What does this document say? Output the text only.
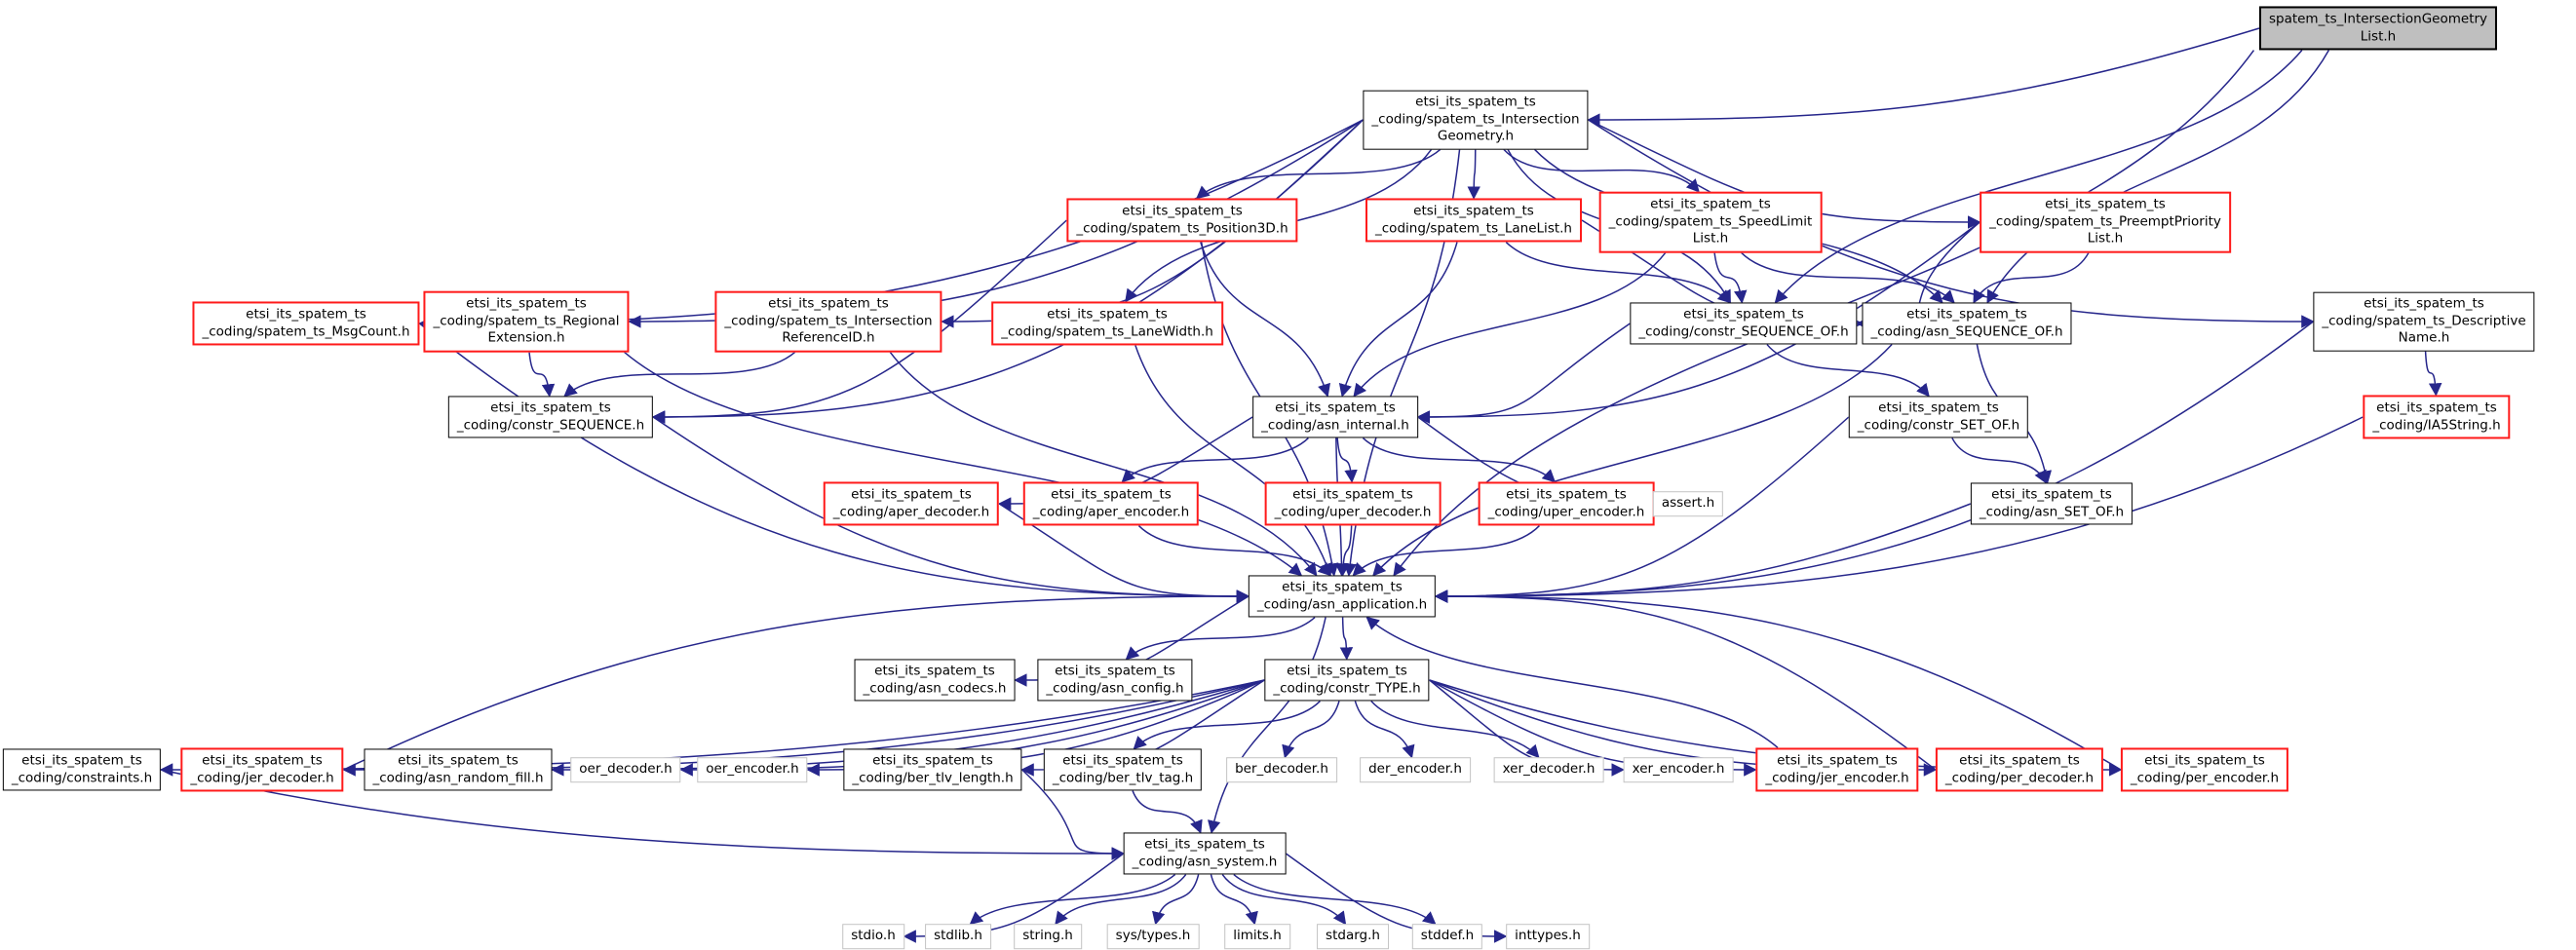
spatem_ts_IntersectionGeometry
List.h
etsi_its_spatem_ts
_coding/spatem_ts_Intersection
Geometry.h
etsi_its_spatem_ts
_coding/spatem_ts_Position3D.h
etsi_its_spatem_ts
_coding/spatem_ts_LaneList.h
etsi_its_spatem_ts
_coding/spatem_ts_SpeedLimit
List.h
etsi_its_spatem_ts
_coding/spatem_ts_PreemptPriority
List.h
etsi_its_spatem_ts
_coding/spatem_ts_MsgCount.h
etsi_its_spatem_ts
_coding/spatem_ts_Regional
Extension.h
etsi_its_spatem_ts
_coding/spatem_ts_Intersection
ReferenceID.h
etsi_its_spatem_ts
_coding/spatem_ts_LaneWidth.h
etsi_its_spatem_ts
_coding/constr_SEQUENCE_OF.h
etsi_its_spatem_ts
_coding/asn_SEQUENCE_OF.h
etsi_its_spatem_ts
_coding/spatem_ts_Descriptive
Name.h
etsi_its_spatem_ts
_coding/constr_SEQUENCE.h
etsi_its_spatem_ts
_coding/asn_internal.h
etsi_its_spatem_ts
_coding/constr_SET_OF.h
etsi_its_spatem_ts
_coding/IA5String.h
etsi_its_spatem_ts
_coding/aper_decoder.h
etsi_its_spatem_ts
_coding/aper_encoder.h
etsi_its_spatem_ts
_coding/uper_decoder.h
etsi_its_spatem_ts
_coding/uper_encoder.h
assert.h
etsi_its_spatem_ts
_coding/asn_SET_OF.h
etsi_its_spatem_ts
_coding/asn_application.h
etsi_its_spatem_ts
_coding/asn_codecs.h
etsi_its_spatem_ts
_coding/asn_config.h
etsi_its_spatem_ts
_coding/constr_TYPE.h
etsi_its_spatem_ts
_coding/constraints.h
etsi_its_spatem_ts
_coding/jer_decoder.h
etsi_its_spatem_ts
_coding/asn_random_fill.h
oer_decoder.h	oer_encoder.h
etsi_its_spatem_ts
_coding/ber_tlv_length.h
etsi_its_spatem_ts
_coding/ber_tlv_tag.h
ber_decoder.h	der_encoder.h	xer_decoder.h	xer_encoder.h
etsi_its_spatem_ts
_coding/jer_encoder.h
etsi_its_spatem_ts
_coding/per_decoder.h
etsi_its_spatem_ts
_coding/per_encoder.h
etsi_its_spatem_ts
_coding/asn_system.h
stdio.h	stdlib.h	string.h	sys/types.h	limits.h	stdarg.h	stddef.h	inttypes.h
